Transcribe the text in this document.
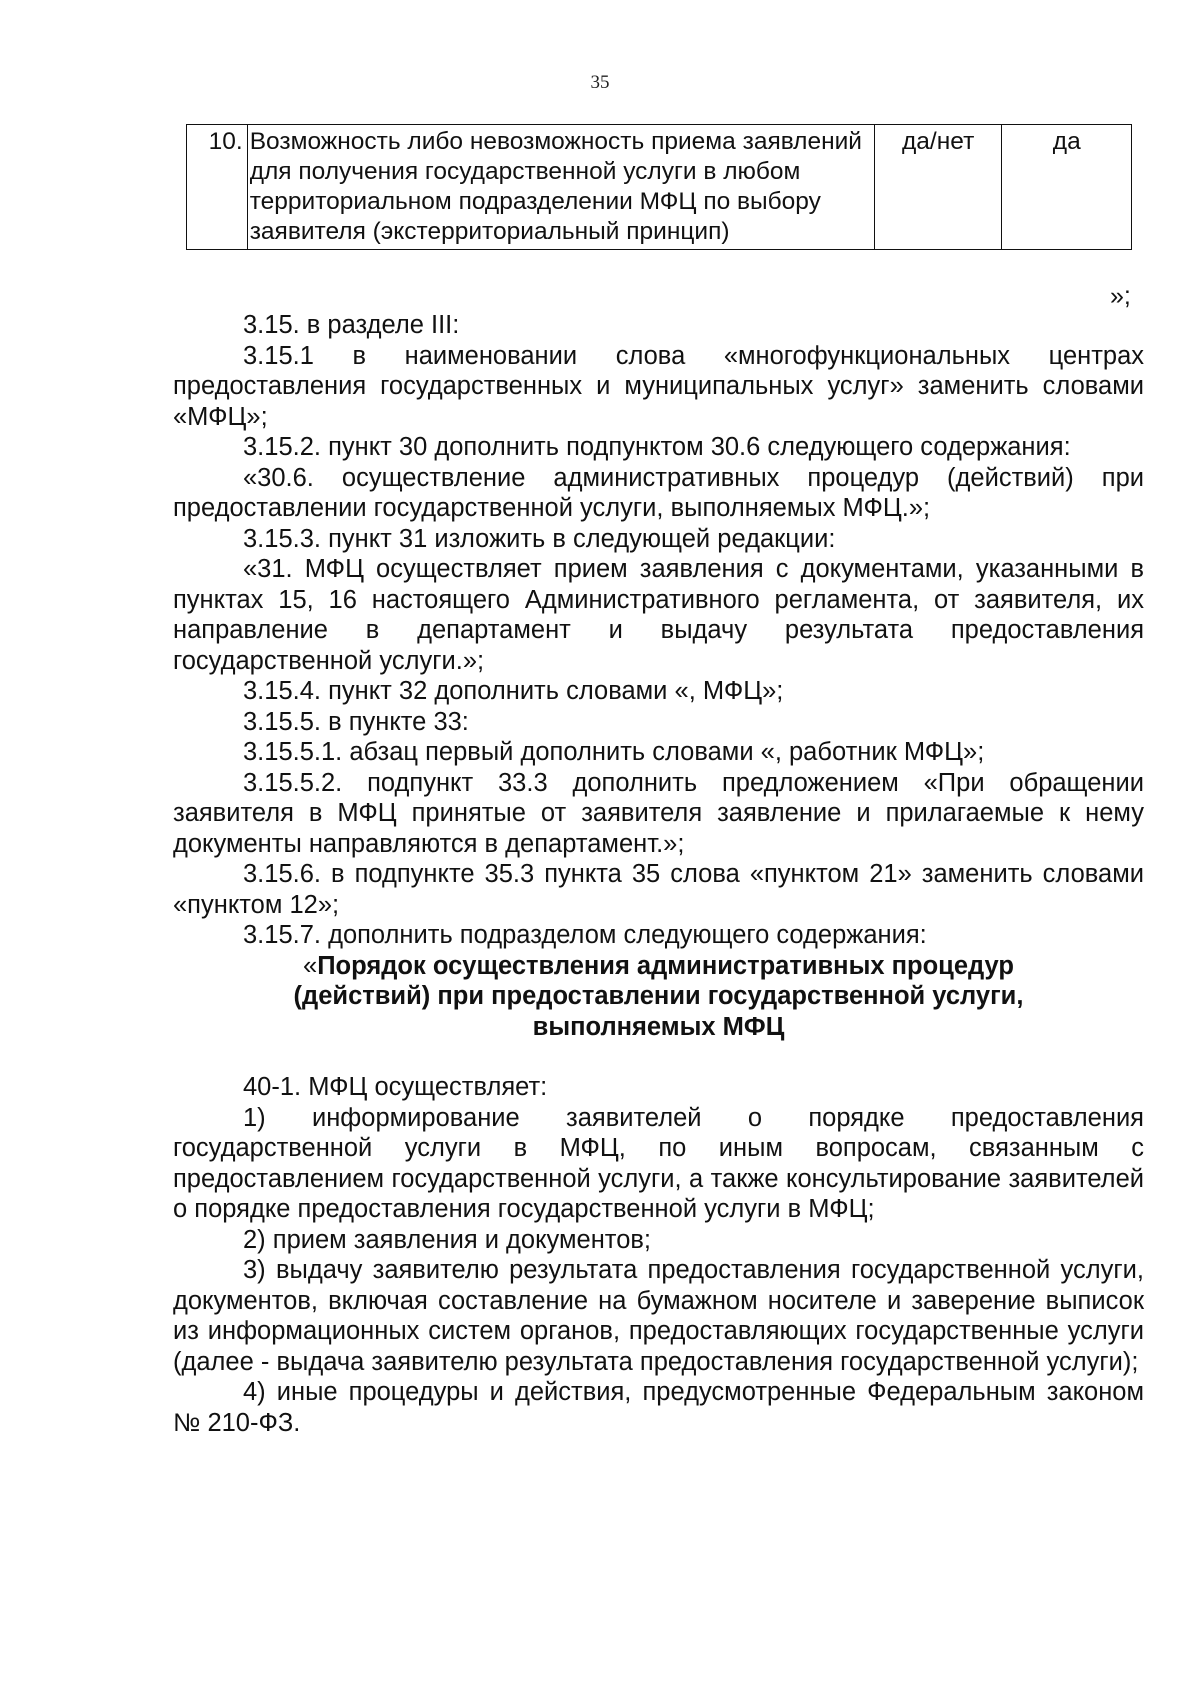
35
10.	Возможность либо невозможность приема заявлений для получения государственной услуги в любом территориальном подразделении МФЦ по выбору заявителя (экстерриториальный принцип)	да/нет	да
»;

3.15. в разделе III:

3.15.1 в наименовании слова «многофункциональных центрах предоставления государственных и муниципальных услуг» заменить словами «МФЦ»;

3.15.2. пункт 30 дополнить подпунктом 30.6 следующего содержания:

«30.6. осуществление административных процедур (действий) при предоставлении государственной услуги, выполняемых МФЦ.»;

3.15.3. пункт 31 изложить в следующей редакции:

«31. МФЦ осуществляет прием заявления с документами, указанными в пунктах 15, 16 настоящего Административного регламента, от заявителя, их направление в департамент и выдачу результата предоставления государственной услуги.»;

3.15.4. пункт 32 дополнить словами «, МФЦ»;

3.15.5. в пункте 33:

3.15.5.1. абзац первый дополнить словами «, работник МФЦ»;

3.15.5.2. подпункт 33.3 дополнить предложением «При обращении заявителя в МФЦ принятые от заявителя заявление и прилагаемые к нему документы направляются в департамент.»;

3.15.6. в подпункте 35.3 пункта 35 слова «пунктом 21» заменить словами «пунктом 12»;

3.15.7. дополнить подразделом следующего содержания:

«Порядок осуществления административных процедур (действий) при предоставлении государственной услуги, выполняемых МФЦ

40-1. МФЦ осуществляет:

1) информирование заявителей о порядке предоставления государственной услуги в МФЦ, по иным вопросам, связанным с предоставлением государственной услуги, а также консультирование заявителей о порядке предоставления государственной услуги в МФЦ;

2) прием заявления и документов;

3) выдачу заявителю результата предоставления государственной услуги, документов, включая составление на бумажном носителе и заверение выписок из информационных систем органов, предоставляющих государственные услуги (далее - выдача заявителю результата предоставления государственной услуги);

4) иные процедуры и действия, предусмотренные Федеральным законом № 210-ФЗ.
